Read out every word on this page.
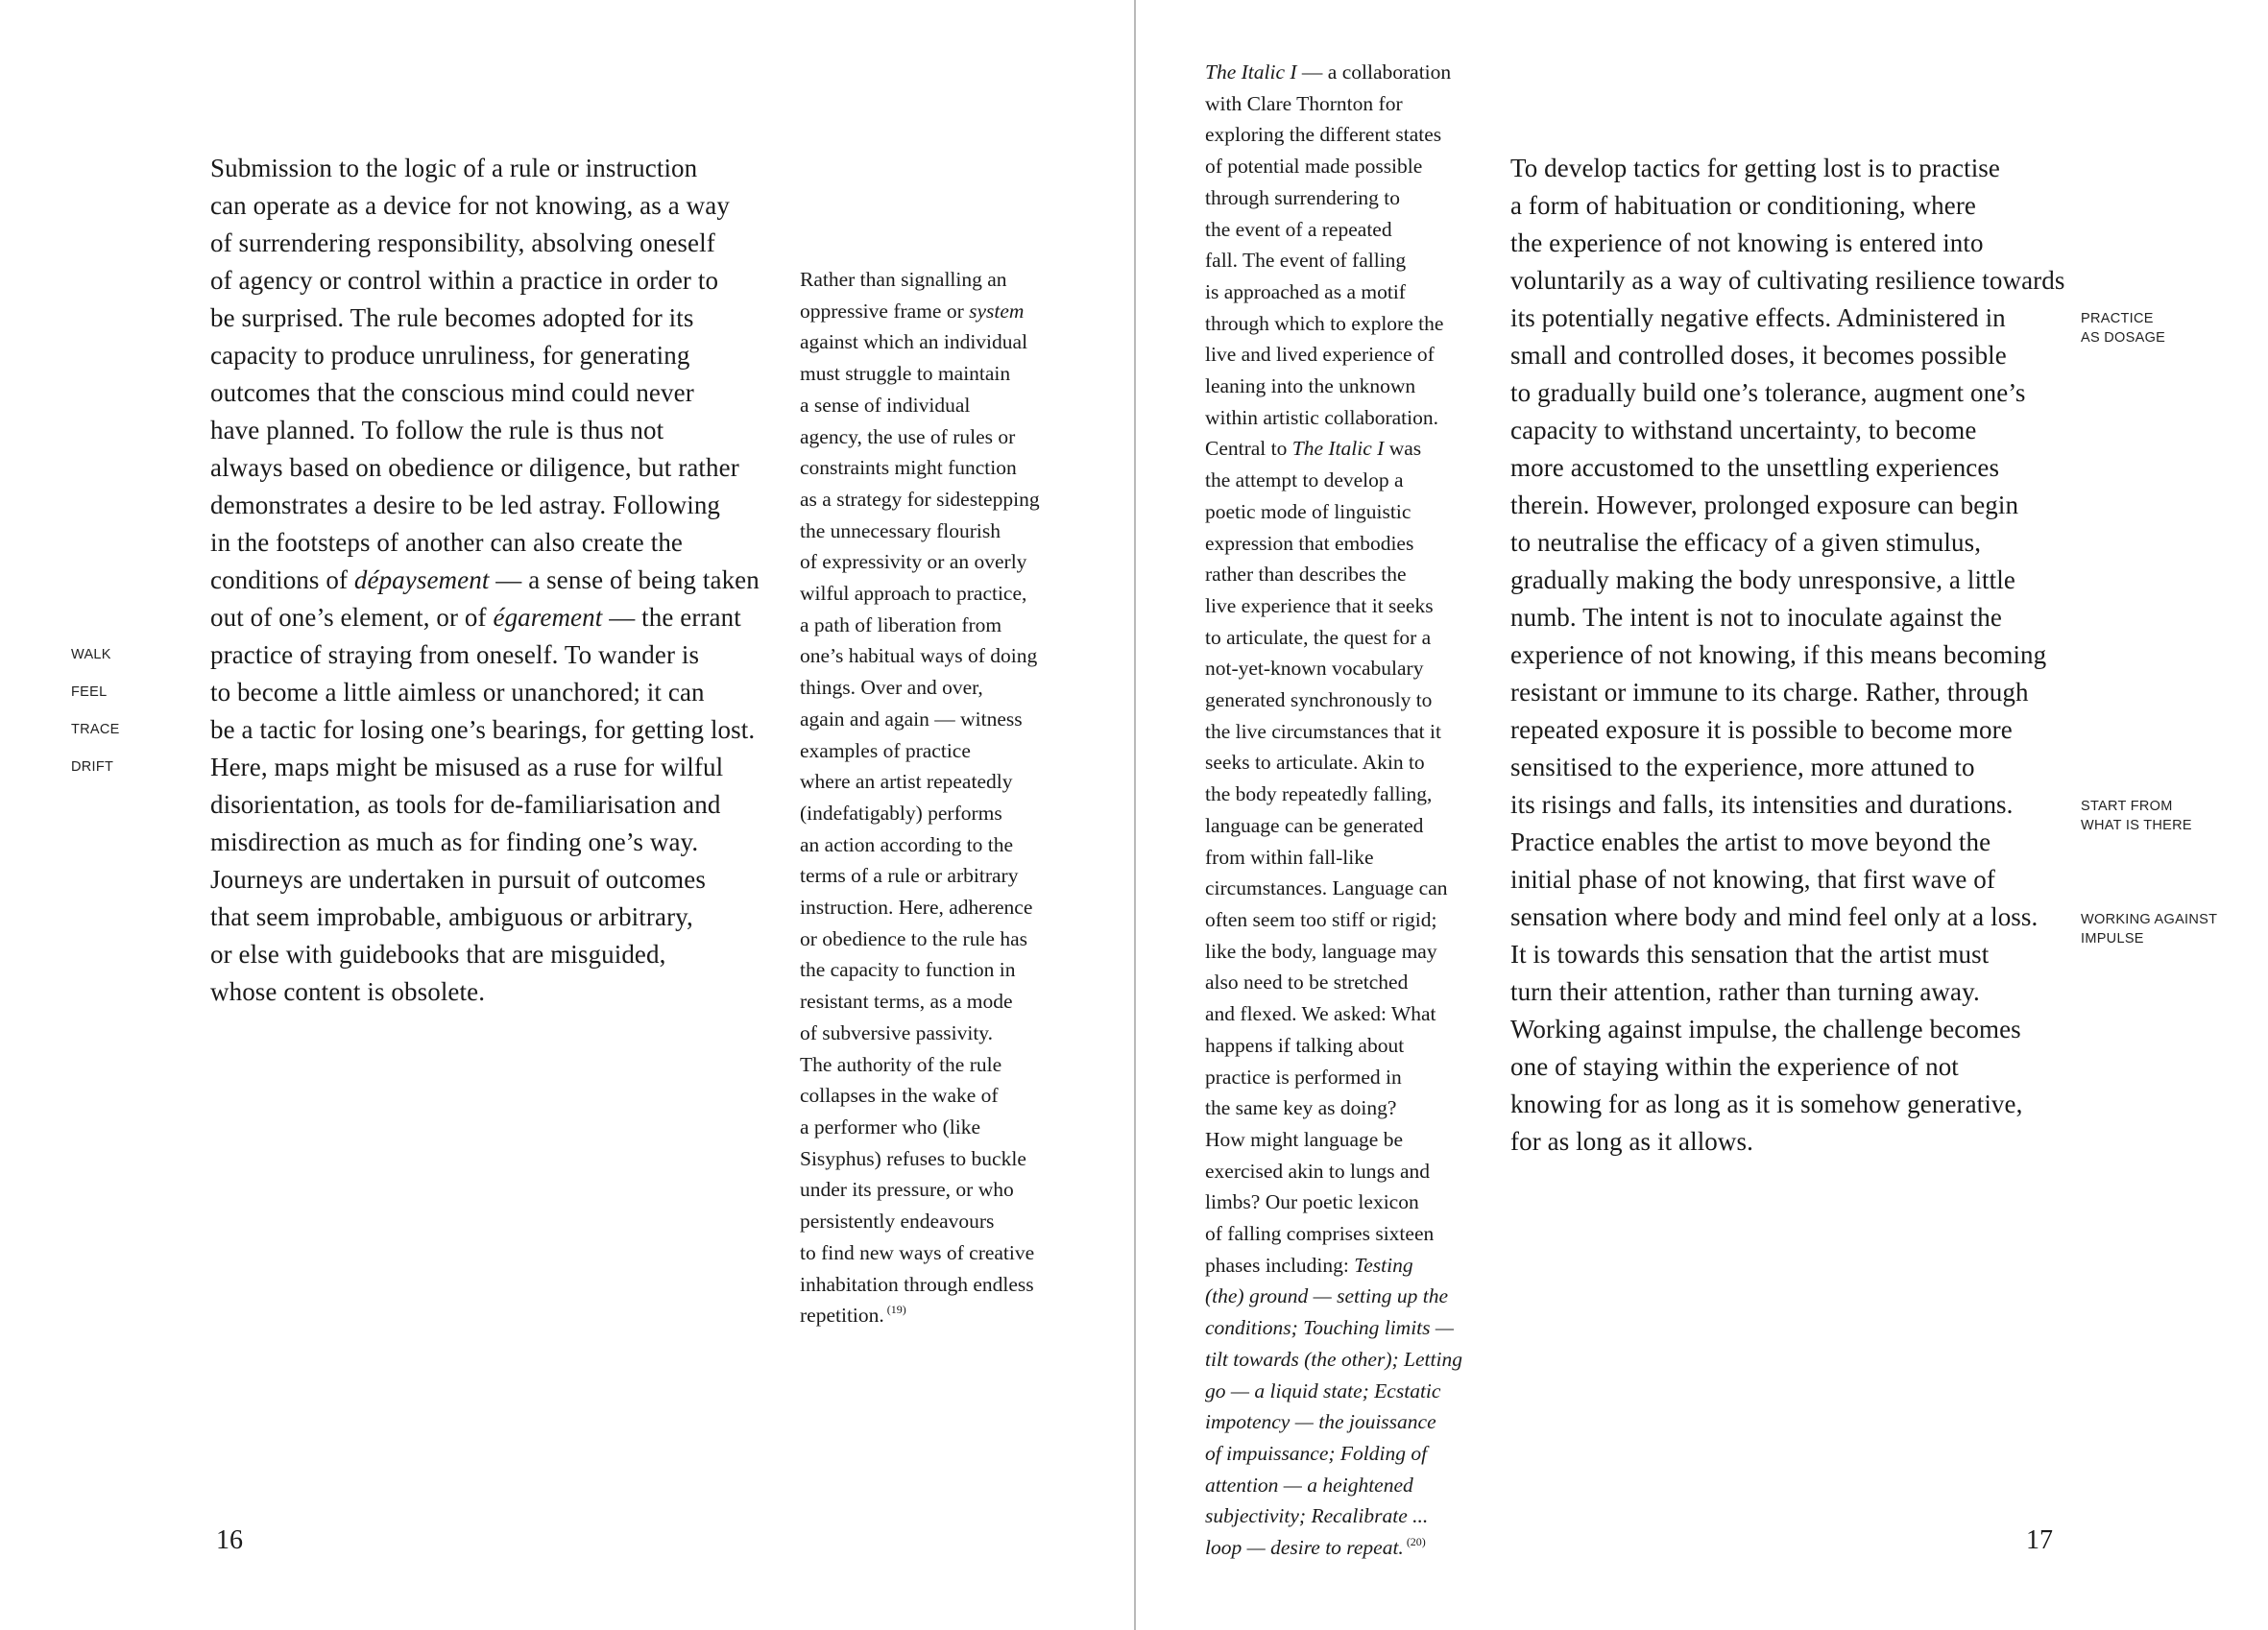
WALK
FEEL
TRACE
DRIFT
Submission to the logic of a rule or instruction
can operate as a device for not knowing, as a way
of surrendering responsibility, absolving oneself
of agency or control within a practice in order to
be surprised. The rule becomes adopted for its
capacity to produce unruliness, for generating
outcomes that the conscious mind could never
have planned. To follow the rule is thus not
always based on obedience or diligence, but rather
demonstrates a desire to be led astray. Following
in the footsteps of another can also create the
conditions of dépaysement — a sense of being taken
out of one’s element, or of égarement — the errant
practice of straying from oneself. To wander is
to become a little aimless or unanchored; it can
be a tactic for losing one’s bearings, for getting lost.
Here, maps might be misused as a ruse for wilful
disorientation, as tools for de-familiarisation and
misdirection as much as for finding one’s way.
Journeys are undertaken in pursuit of outcomes
that seem improbable, ambiguous or arbitrary,
or else with guidebooks that are misguided,
whose content is obsolete.
Rather than signalling an
oppressive frame or system
against which an individual
must struggle to maintain
a sense of individual
agency, the use of rules or
constraints might function
as a strategy for sidestepping
the unnecessary flourish
of expressivity or an overly
wilful approach to practice,
a path of liberation from
one’s habitual ways of doing
things. Over and over,
again and again — witness
examples of practice
where an artist repeatedly
(indefatigably) performs
an action according to the
terms of a rule or arbitrary
instruction. Here, adherence
or obedience to the rule has
the capacity to function in
resistant terms, as a mode
of subversive passivity.
The authority of the rule
collapses in the wake of
a performer who (like
Sisyphus) refuses to buckle
under its pressure, or who
persistently endeavours
to find new ways of creative
inhabitation through endless
repetition. $^{(19)}$
16
The Italic I — a collaboration
with Clare Thornton for
exploring the different states
of potential made possible
through surrendering to
the event of a repeated
fall. The event of falling
is approached as a motif
through which to explore the
live and lived experience of
leaning into the unknown
within artistic collaboration.
Central to The Italic I was
the attempt to develop a
poetic mode of linguistic
expression that embodies
rather than describes the
live experience that it seeks
to articulate, the quest for a
not-yet-known vocabulary
generated synchronously to
the live circumstances that it
seeks to articulate. Akin to
the body repeatedly falling,
language can be generated
from within fall-like
circumstances. Language can
often seem too stiff or rigid;
like the body, language may
also need to be stretched
and flexed. We asked: What
happens if talking about
practice is performed in
the same key as doing?
How might language be
exercised akin to lungs and
limbs? Our poetic lexicon
of falling comprises sixteen
phases including: Testing
(the) ground — setting up the
conditions; Touching limits —
tilt towards (the other); Letting
go — a liquid state; Ecstatic
impotency — the jouissance
of impuissance; Folding of
attention — a heightened
subjectivity; Recalibrate ...
loop — desire to repeat. $^{(20)}$
To develop tactics for getting lost is to practise
a form of habituation or conditioning, where
the experience of not knowing is entered into
voluntarily as a way of cultivating resilience towards
its potentially negative effects. Administered in
small and controlled doses, it becomes possible
to gradually build one’s tolerance, augment one’s
capacity to withstand uncertainty, to become
more accustomed to the unsettling experiences
therein. However, prolonged exposure can begin
to neutralise the efficacy of a given stimulus,
gradually making the body unresponsive, a little
numb. The intent is not to inoculate against the
experience of not knowing, if this means becoming
resistant or immune to its charge. Rather, through
repeated exposure it is possible to become more
sensitised to the experience, more attuned to
its risings and falls, its intensities and durations.
Practice enables the artist to move beyond the
initial phase of not knowing, that first wave of
sensation where body and mind feel only at a loss.
It is towards this sensation that the artist must
turn their attention, rather than turning away.
Working against impulse, the challenge becomes
one of staying within the experience of not
knowing for as long as it is somehow generative,
for as long as it allows.
PRACTICE
AS DOSAGE
START FROM
WHAT IS THERE
WORKING AGAINST
IMPULSE
17
